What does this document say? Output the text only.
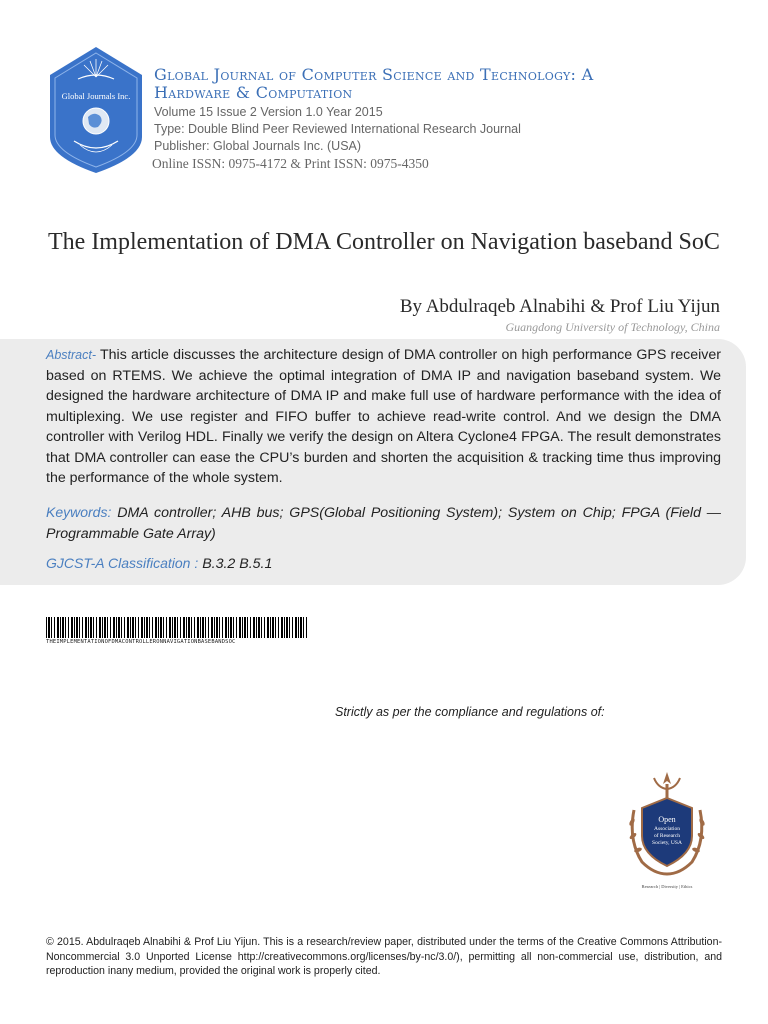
Global Journals Inc.
Global Journal of Computer Science and Technology: A
Hardware & Computation
Volume 15 Issue 2 Version 1.0 Year 2015
Type: Double Blind Peer Reviewed International Research Journal
Publisher: Global Journals Inc. (USA)
Online ISSN: 0975-4172 & Print ISSN: 0975-4350
The Implementation of DMA Controller on Navigation baseband SoC
By Abdulraqeb Alnabihi & Prof Liu Yijun
Guangdong University of Technology, China
Abstract- This article discusses the architecture design of DMA controller on high performance GPS receiver based on RTEMS. We achieve the optimal integration of DMA IP and navigation baseband system. We designed the hardware architecture of DMA IP and make full use of hardware performance with the idea of multiplexing. We use register and FIFO buffer to achieve read-write control. And we design the DMA controller with Verilog HDL. Finally we verify the design on Altera Cyclone4 FPGA. The result demonstrates that DMA controller can ease the CPU’s burden and shorten the acquisition & tracking time thus improving the performance of the whole system.
Keywords: DMA controller; AHB bus; GPS(Global Positioning System); System on Chip; FPGA (Field —Programmable Gate Array)
GJCST-A Classification : B.3.2 B.5.1
THEIMPLEMENTATIONOFDMACONTROLLERONNAVIGATIONBASEBANDSOC
Strictly as per the compliance and regulations of:
Open
Association
of Research
Society, USA
Research | Diversity | Ethics
© 2015. Abdulraqeb Alnabihi & Prof Liu Yijun. This is a research/review paper, distributed under the terms of the Creative Commons Attribution-Noncommercial 3.0 Unported License http://creativecommons.org/licenses/by-nc/3.0/), permitting all non-commercial use, distribution, and reproduction inany medium, provided the original work is properly cited.
